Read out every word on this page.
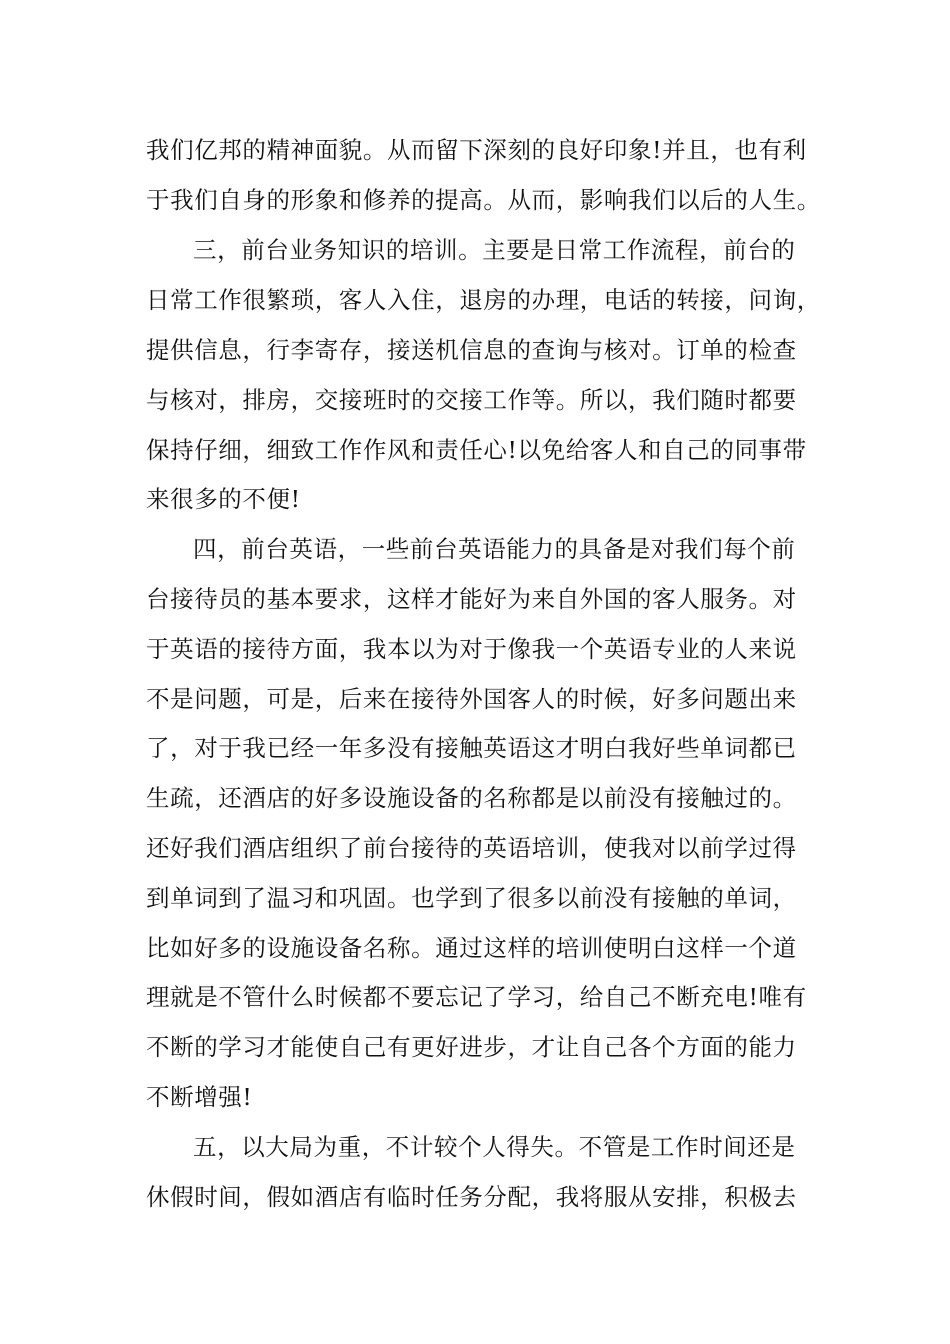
我们亿邦的精神面貌。从而留下深刻的良好印象!并且，也有利
于我们自身的形象和修养的提高。从而，影响我们以后的人生。
三，前台业务知识的培训。主要是日常工作流程，前台的
日常工作很繁琐，客人入住，退房的办理，电话的转接，问询，
提供信息，行李寄存，接送机信息的查询与核对。订单的检查
与核对，排房，交接班时的交接工作等。所以，我们随时都要
保持仔细，细致工作作风和责任心!以免给客人和自己的同事带
来很多的不便!
四，前台英语，一些前台英语能力的具备是对我们每个前
台接待员的基本要求，这样才能好为来自外国的客人服务。对
于英语的接待方面，我本以为对于像我一个英语专业的人来说
不是问题，可是，后来在接待外国客人的时候，好多问题出来
了，对于我已经一年多没有接触英语这才明白我好些单词都已
生疏，还酒店的好多设施设备的名称都是以前没有接触过的。
还好我们酒店组织了前台接待的英语培训，使我对以前学过得
到单词到了温习和巩固。也学到了很多以前没有接触的单词，
比如好多的设施设备名称。通过这样的培训使明白这样一个道
理就是不管什么时候都不要忘记了学习，给自己不断充电!唯有
不断的学习才能使自己有更好进步，才让自己各个方面的能力
不断增强!
五，以大局为重，不计较个人得失。不管是工作时间还是
休假时间，假如酒店有临时任务分配，我将服从安排，积极去
